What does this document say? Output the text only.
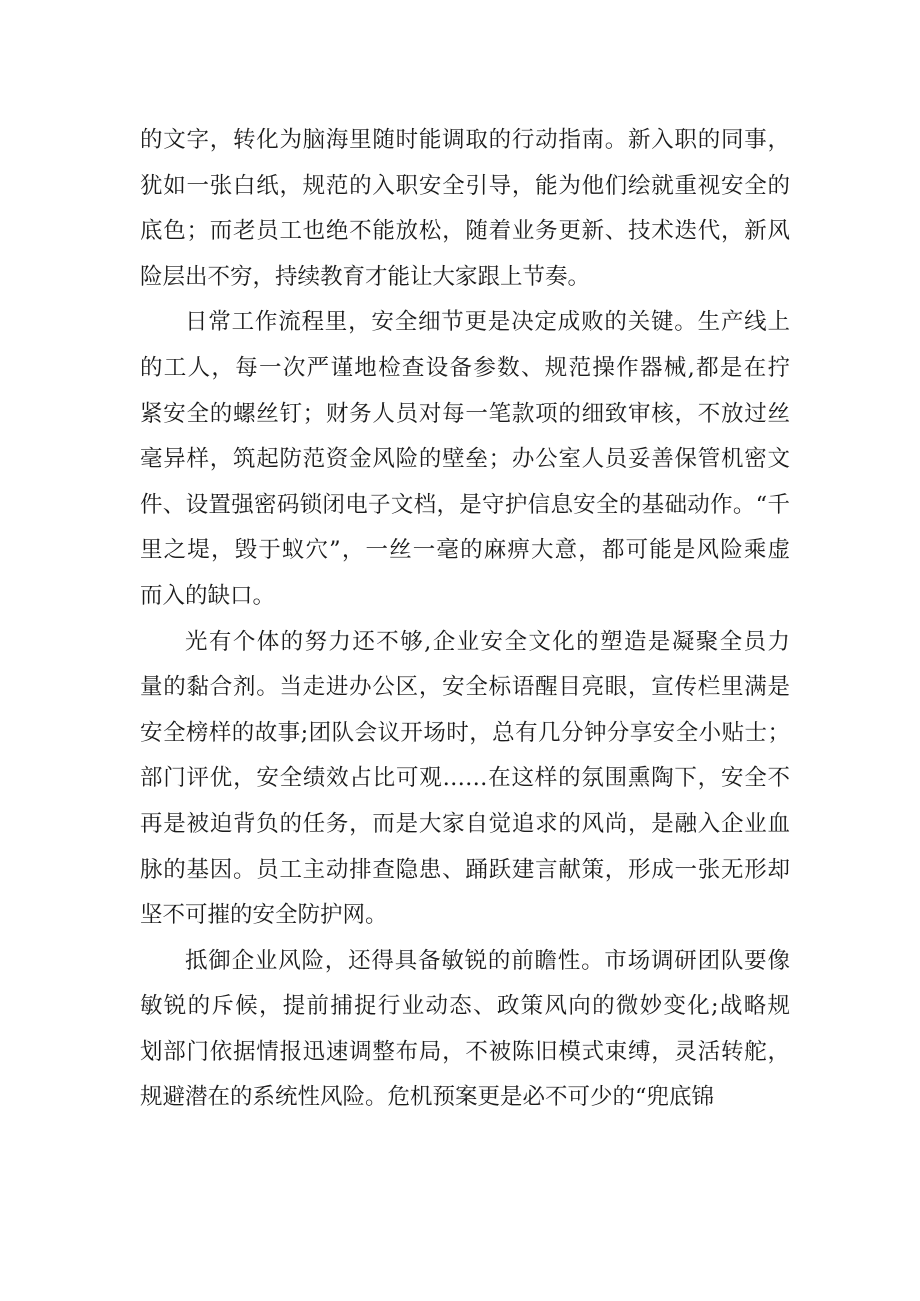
的文字，转化为脑海里随时能调取的行动指南。新入职的同事，
犹如一张白纸，规范的入职安全引导，能为他们绘就重视安全的
底色；而老员工也绝不能放松，随着业务更新、技术迭代，新风
险层出不穷，持续教育才能让大家跟上节奏。
日常工作流程里，安全细节更是决定成败的关键。生产线上
的工人，每一次严谨地检查设备参数、规范操作器械,都是在拧
紧安全的螺丝钉；财务人员对每一笔款项的细致审核，不放过丝
毫异样，筑起防范资金风险的壁垒；办公室人员妥善保管机密文
件、设置强密码锁闭电子文档，是守护信息安全的基础动作。“千
里之堤，毁于蚁穴”，一丝一毫的麻痹大意，都可能是风险乘虚
而入的缺口。
光有个体的努力还不够,企业安全文化的塑造是凝聚全员力
量的黏合剂。当走进办公区，安全标语醒目亮眼，宣传栏里满是
安全榜样的故事;团队会议开场时，总有几分钟分享安全小贴士；
部门评优，安全绩效占比可观……在这样的氛围熏陶下，安全不
再是被迫背负的任务，而是大家自觉追求的风尚，是融入企业血
脉的基因。员工主动排查隐患、踊跃建言献策，形成一张无形却
坚不可摧的安全防护网。
抵御企业风险，还得具备敏锐的前瞻性。市场调研团队要像
敏锐的斥候，提前捕捉行业动态、政策风向的微妙变化;战略规
划部门依据情报迅速调整布局，不被陈旧模式束缚，灵活转舵，
规避潜在的系统性风险。危机预案更是必不可少的“兜底锦
